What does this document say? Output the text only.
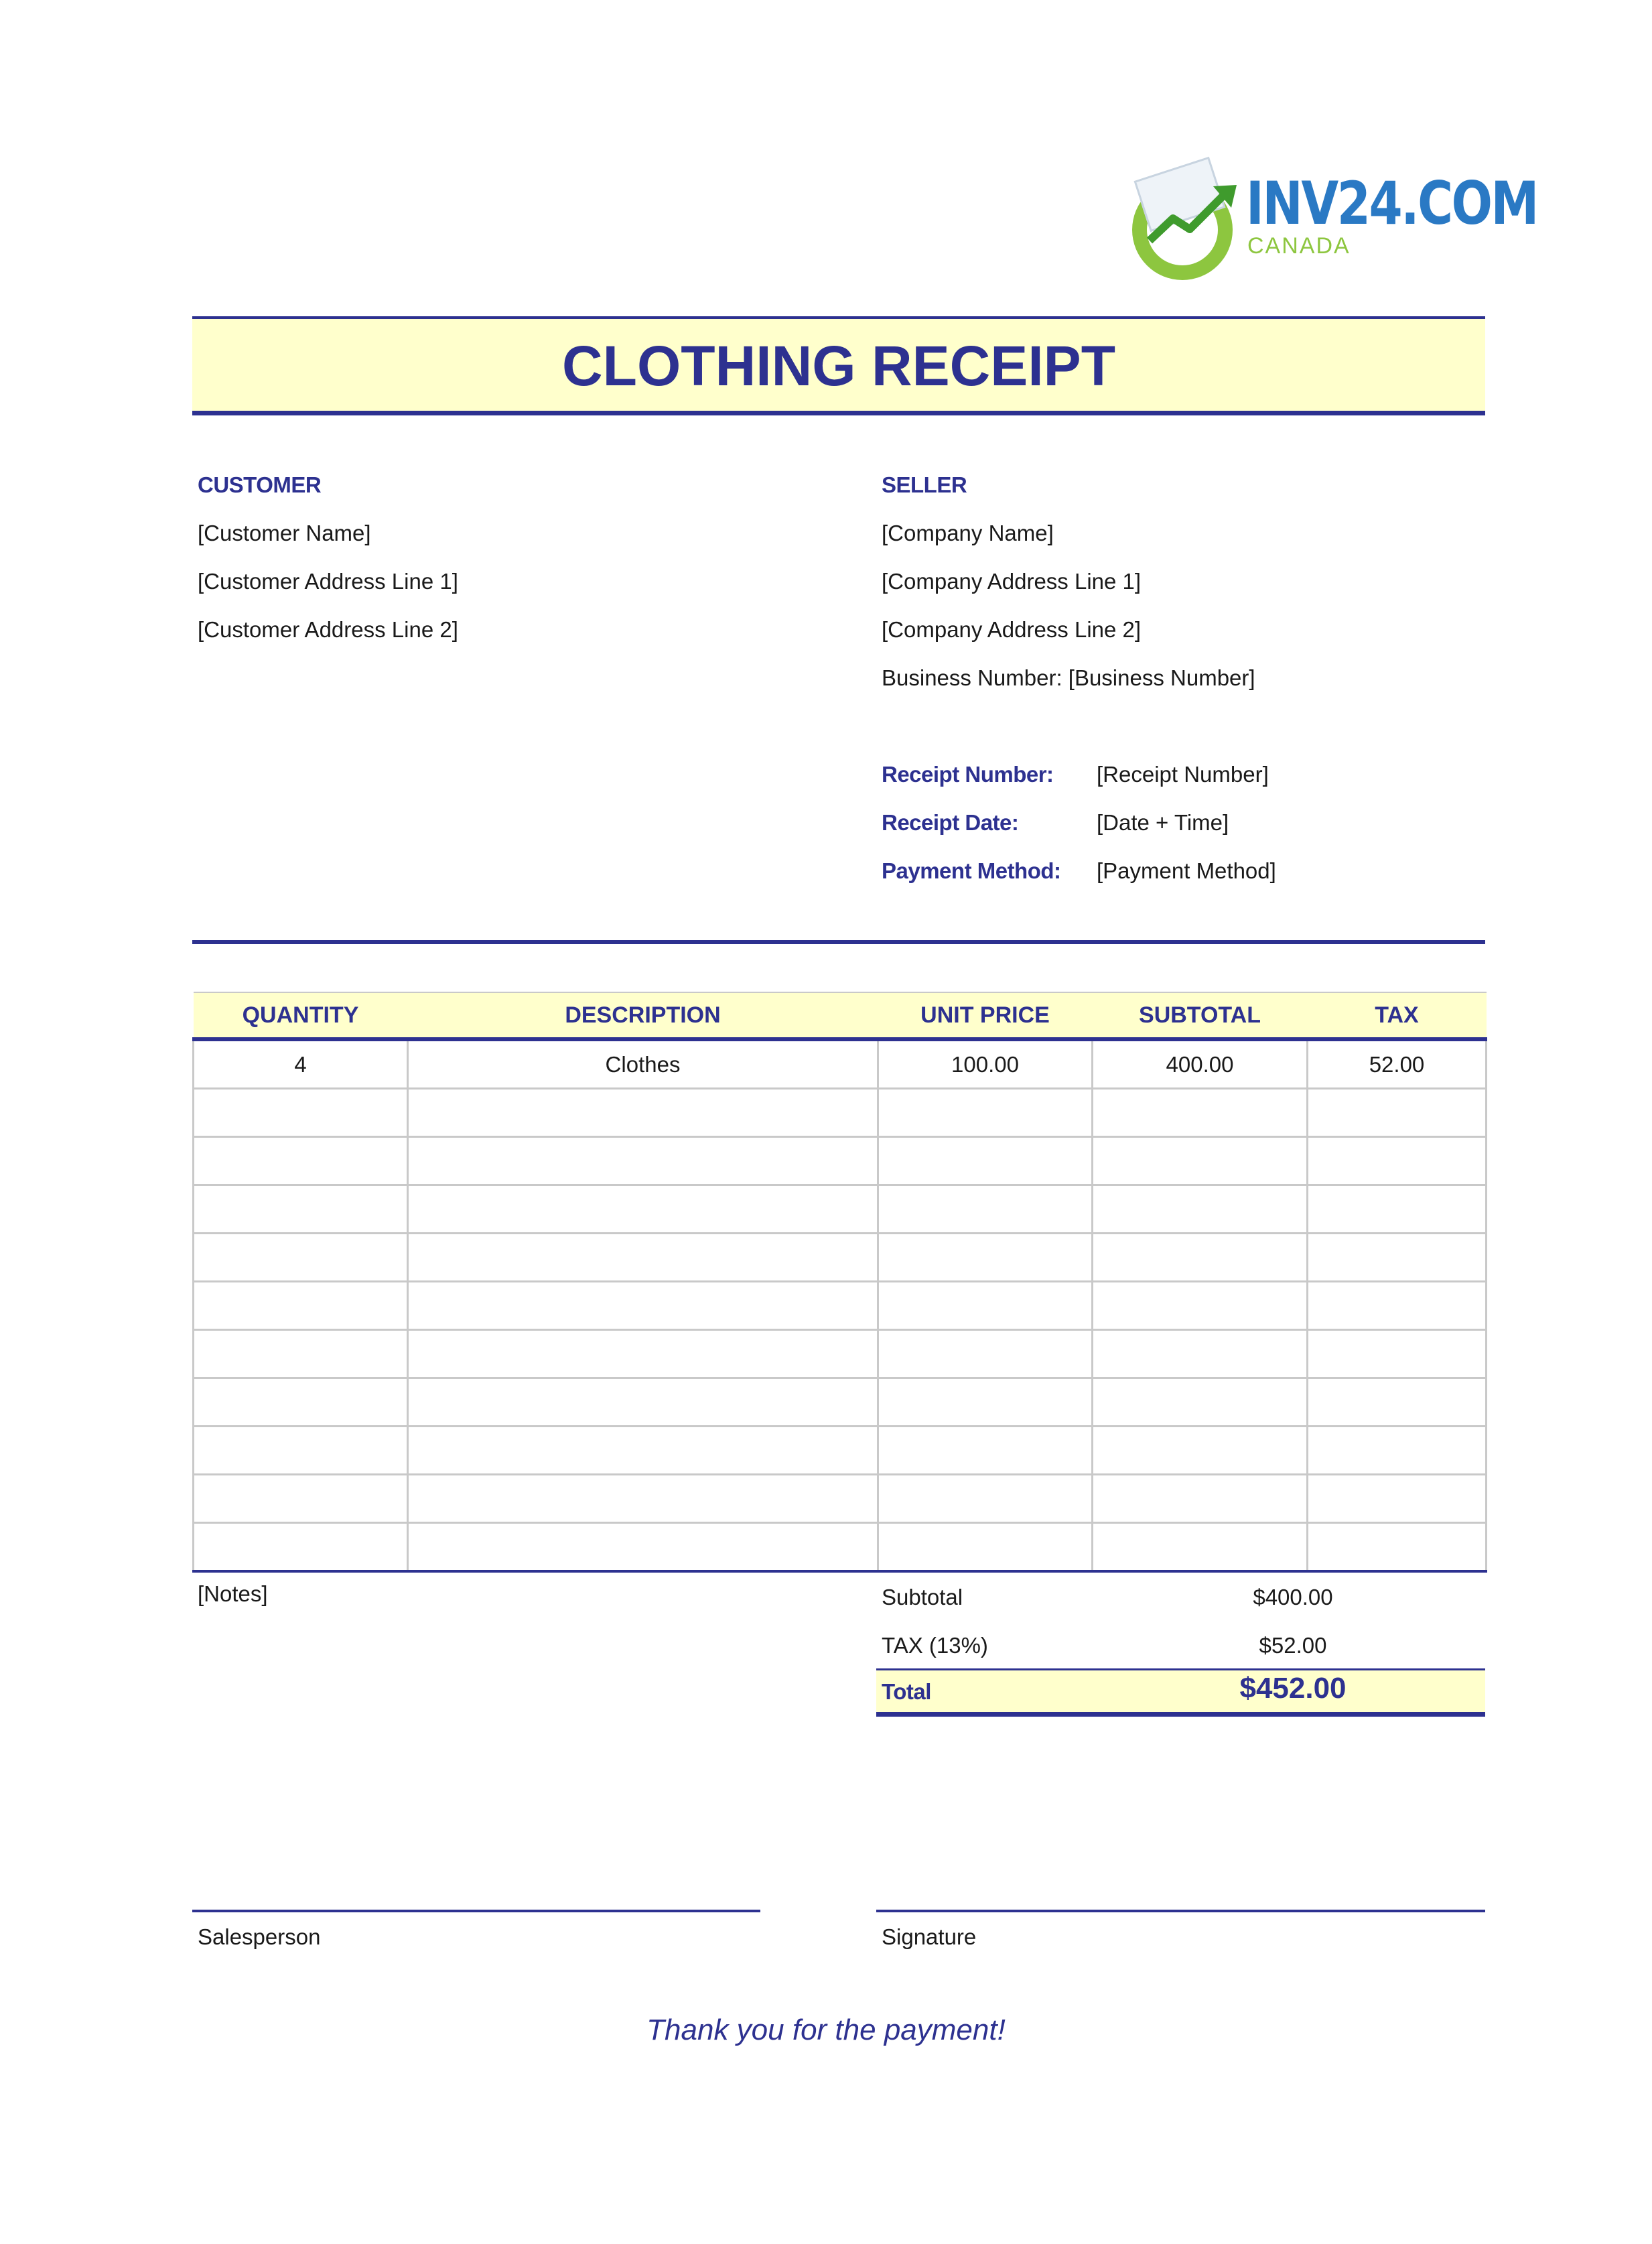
INV24.COM
CANADA
CLOTHING RECEIPT
CUSTOMER
[Customer Name]
[Customer Address Line 1]
[Customer Address Line 2]
SELLER
[Company Name]
[Company Address Line 1]
[Company Address Line 2]
Business Number: [Business Number]
Receipt Number: [Receipt Number]
Receipt Date:	[Date + Time]
Payment Method: [Payment Method]
QUANTITY	DESCRIPTION	UNIT PRICE	SUBTOTAL	TAX
4	Clothes	100.00	400.00	52.00

[Notes]	Subtotal	$400.00
TAX (13%)	$52.00
Total	$452.00
Salesperson	Signature
Thank you for the payment!
